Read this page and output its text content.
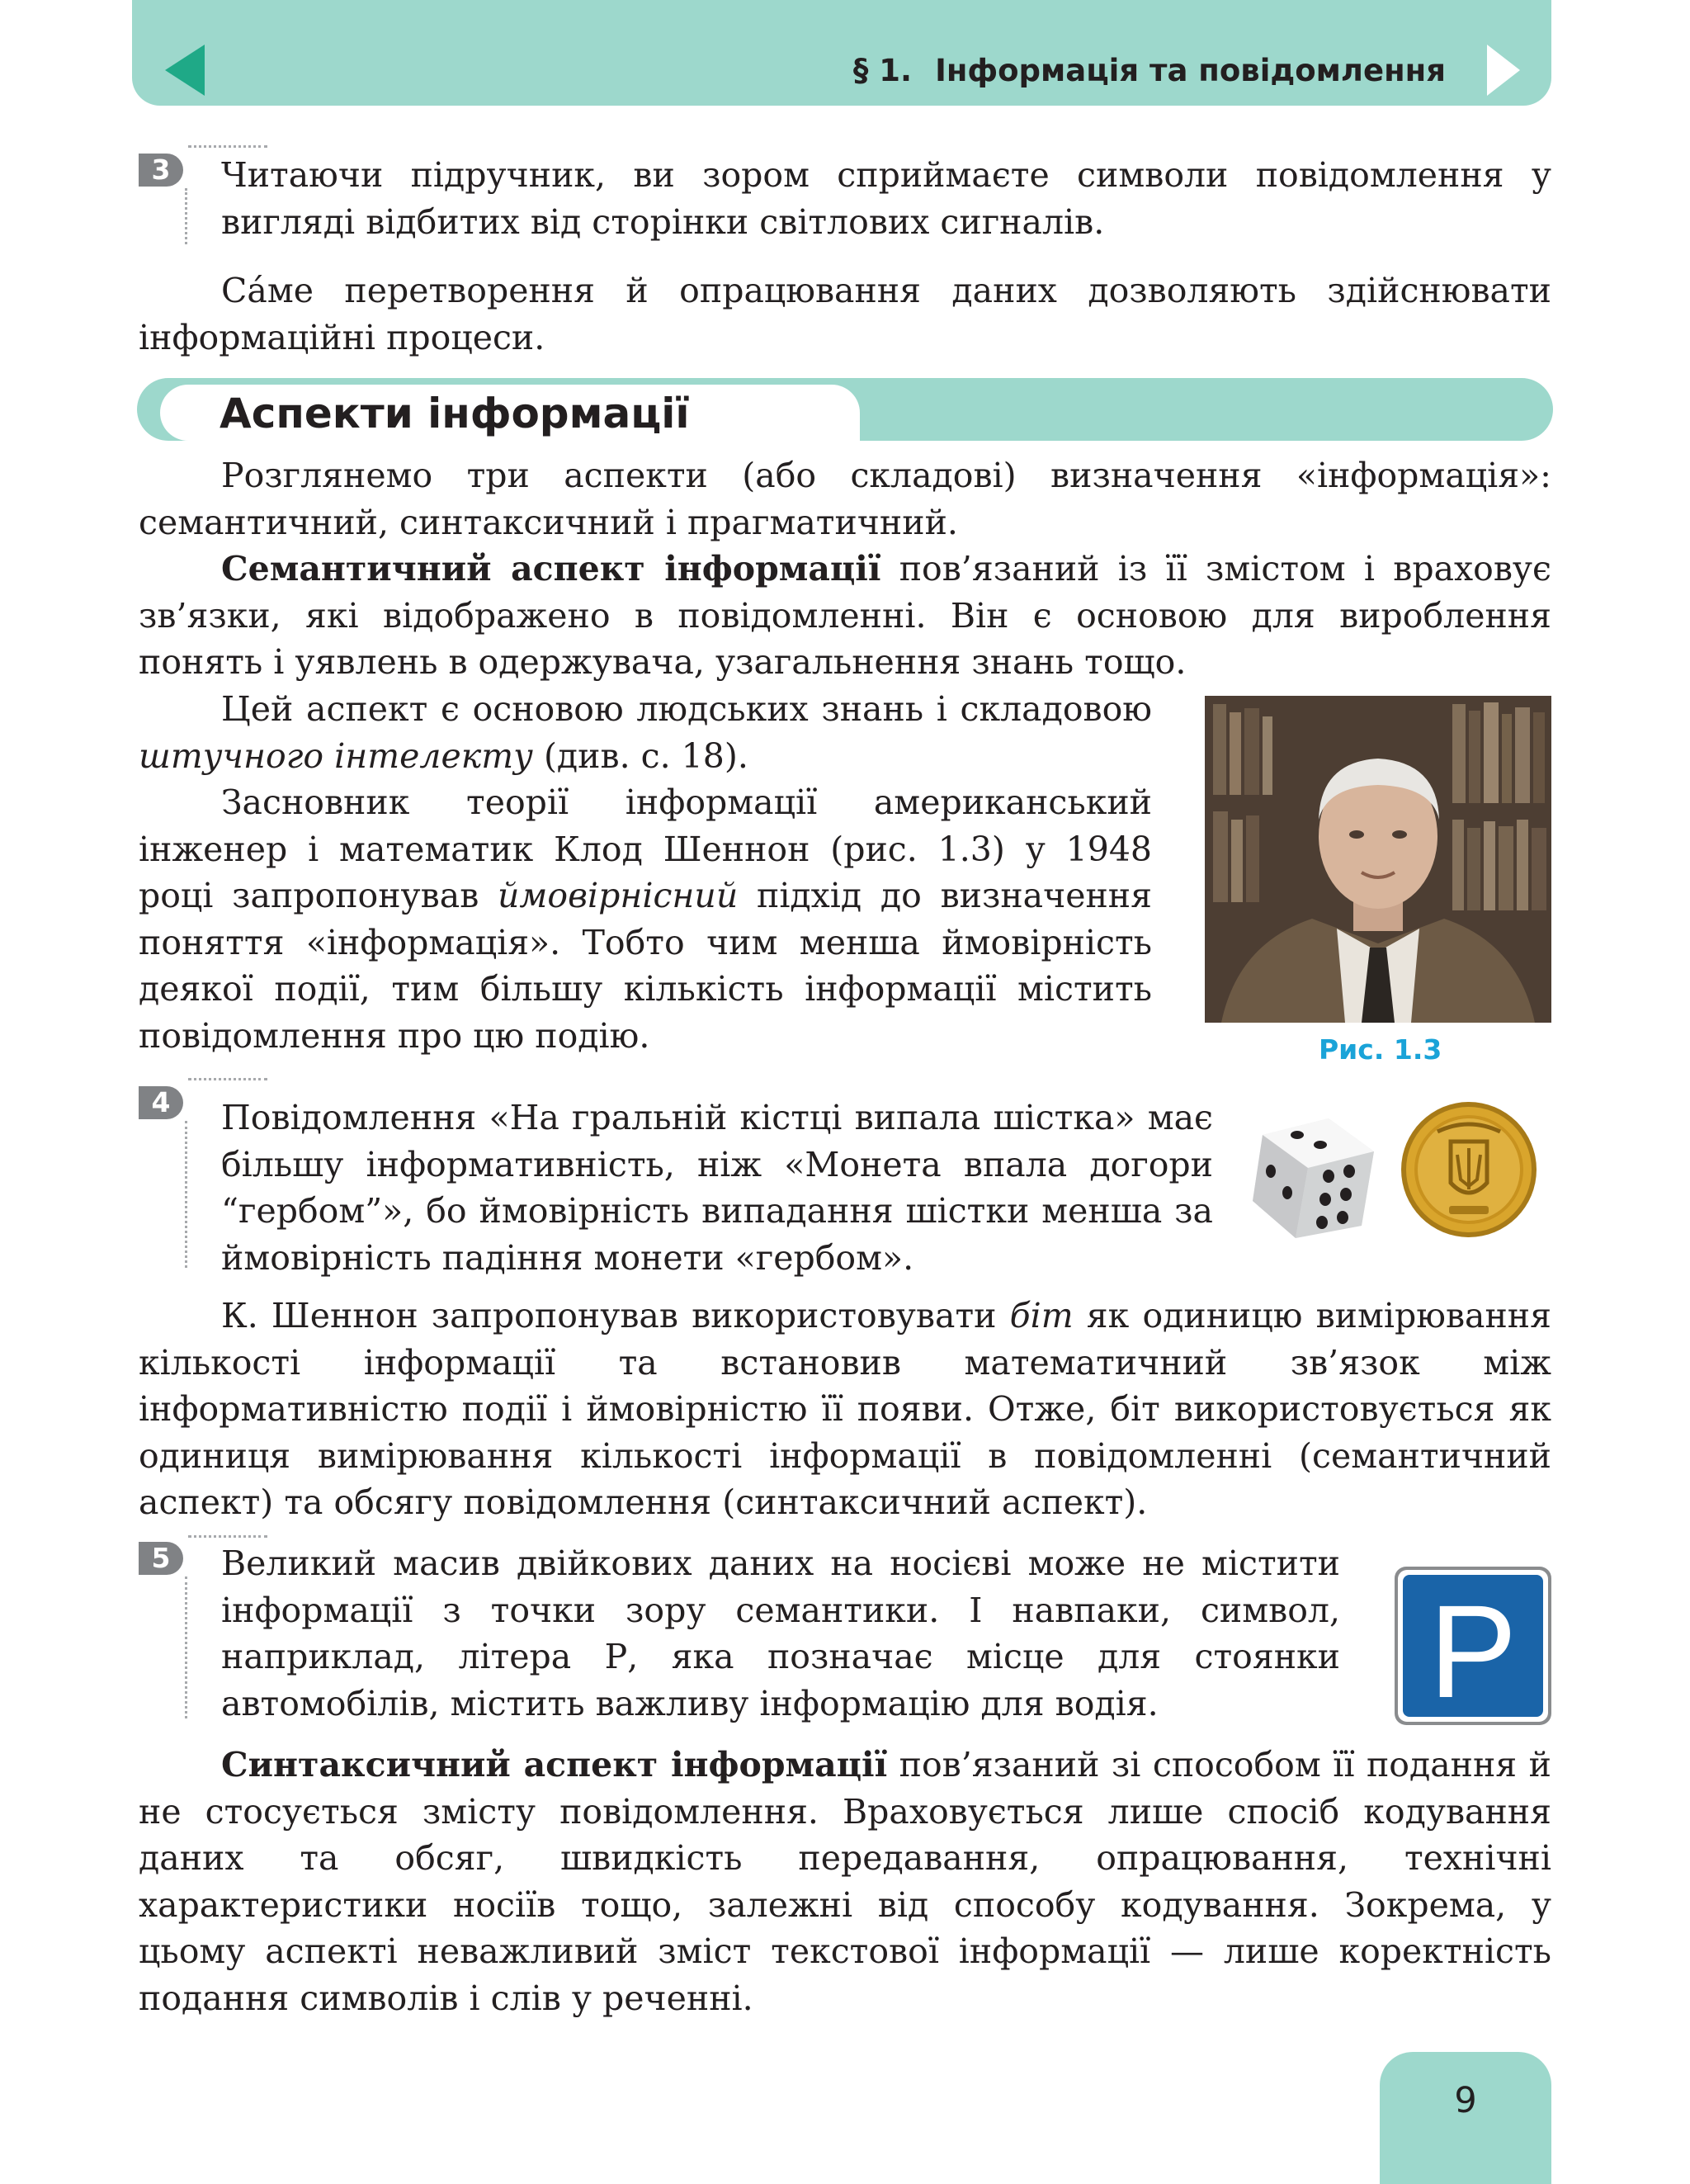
§ 1. Інформація та повідомлення
3	Читаючи підручник, ви зором сприймаєте символи повідомлення у вигляді відбитих від сторінки світлових сигналів.

Са́ме перетворення й опрацювання даних дозволяють здійснювати інформаційні процеси.

Аспекти інформації

Розглянемо три аспекти (або складові) визначення «інформація»: семантичний, синтаксичний і прагматичний.

Семантичний аспект інформації пов’язаний із її змістом і враховує зв’язки, які відображено в повідомленні. Він є основою для вироблення понять і уявлень в одержувача, узагальнення знань тощо.

Цей аспект є основою людських знань і складовою штучного інтелекту (див. с. 18).

Засновник теорії інформації американський інженер і математик Клод Шеннон (рис. 1.3) у 1948 році запропонував ймовірнісний підхід до визначення поняття «інформація». Тобто чим менша ймовірність деякої події, тим більшу кількість інформації містить повідомлення про цю подію.	Рис. 1.3
4	Повідомлення «На гральній кістці випала шістка» має більшу інформативність, ніж «Монета впала догори “гербом”», бо ймовірність випадання шістки менша за ймовірність падіння монети «гербом».

К. Шеннон запропонував використовувати біт як одиницю вимірювання кількості інформації та встановив математичний зв’язок між інформативністю події і ймовірністю її появи. Отже, біт використовується як одиниця вимірювання кількості інформації в повідомленні (семантичний аспект) та обсягу повідомлення (синтаксичний аспект).

5	Великий масив двійкових даних на носієві може не містити інформації з точки зору семантики. І навпаки, символ, наприклад, літера Р, яка позначає місце для стоянки автомобілів, містить важливу інформацію для водія.	P

Синтаксичний аспект інформації пов’язаний зі способом її подання й не стосується змісту повідомлення. Враховується лише спосіб кодування даних та обсяг, швидкість передавання, опрацювання, технічні характеристики носіїв тощо, залежні від способу кодування. Зокрема, у цьому аспекті неважливий зміст текстової інформації — лише коректність подання символів і слів у реченні.

9
